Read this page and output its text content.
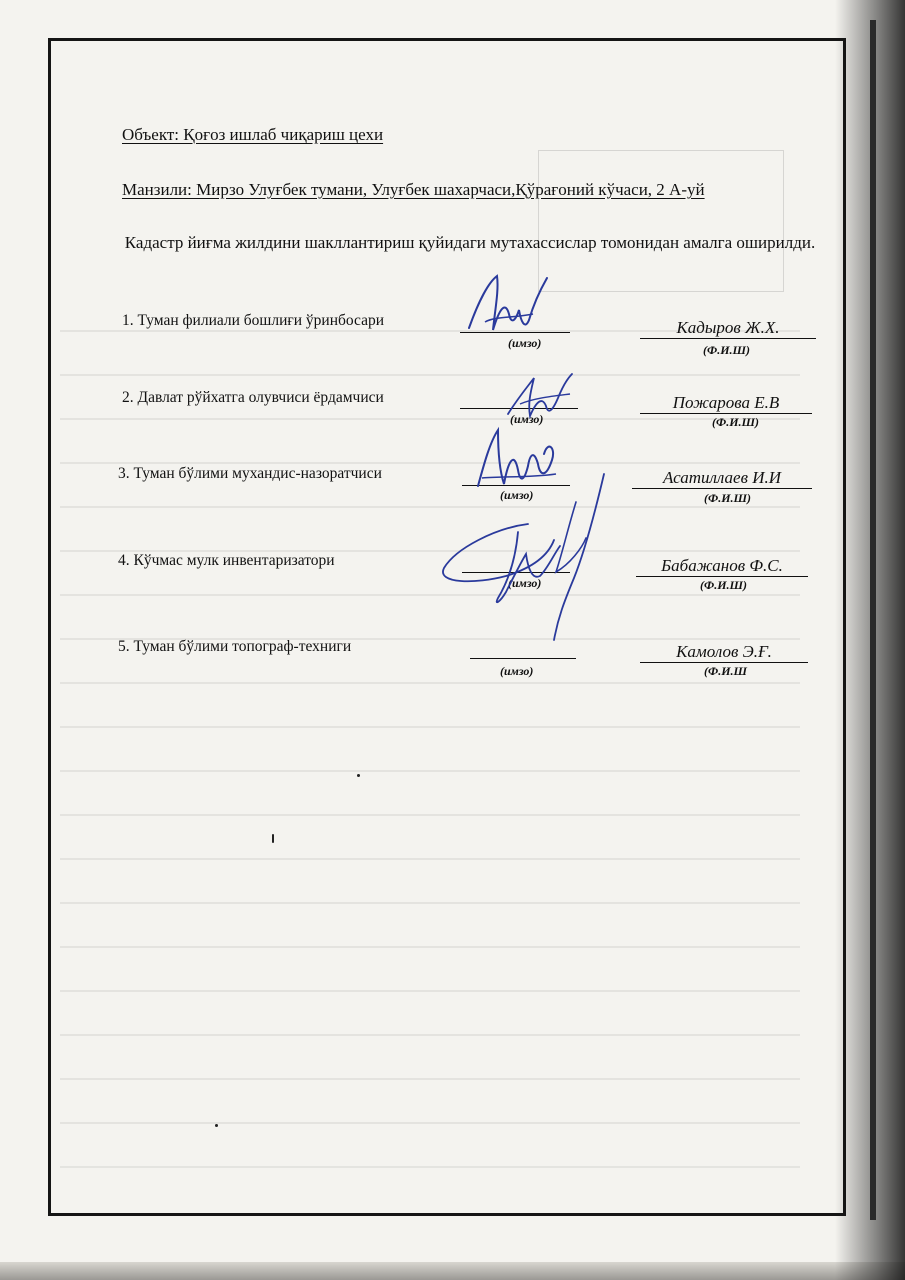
Объект: Қоғоз ишлаб чиқариш цехи
Манзили: Мирзо Улуғбек тумани, Улуғбек шахарчаси,Қўрағоний кўчаси, 2 А-уй
Кадастр йиғма жилдини шакллантириш қуйидаги мутахассислар томонидан амалга оширилди.
1. Туман филиали бошлиғи ўринбосари
(имзо)
Кадыров Ж.Х.
(Ф.И.Ш)
2. Давлат рўйхатга олувчиси ёрдамчиси
(имзо)
Пожарова Е.В
(Ф.И.Ш)
3. Туман бўлими мухандис-назоратчиси
(имзо)
Асатиллаев И.И
(Ф.И.Ш)
4. Кўчмас мулк инвентаризатори
(имзо)
Бабажанов Ф.С.
(Ф.И.Ш)
5. Туман бўлими топограф-техниги
(имзо)
Камолов Э.Ғ.
(Ф.И.Ш
